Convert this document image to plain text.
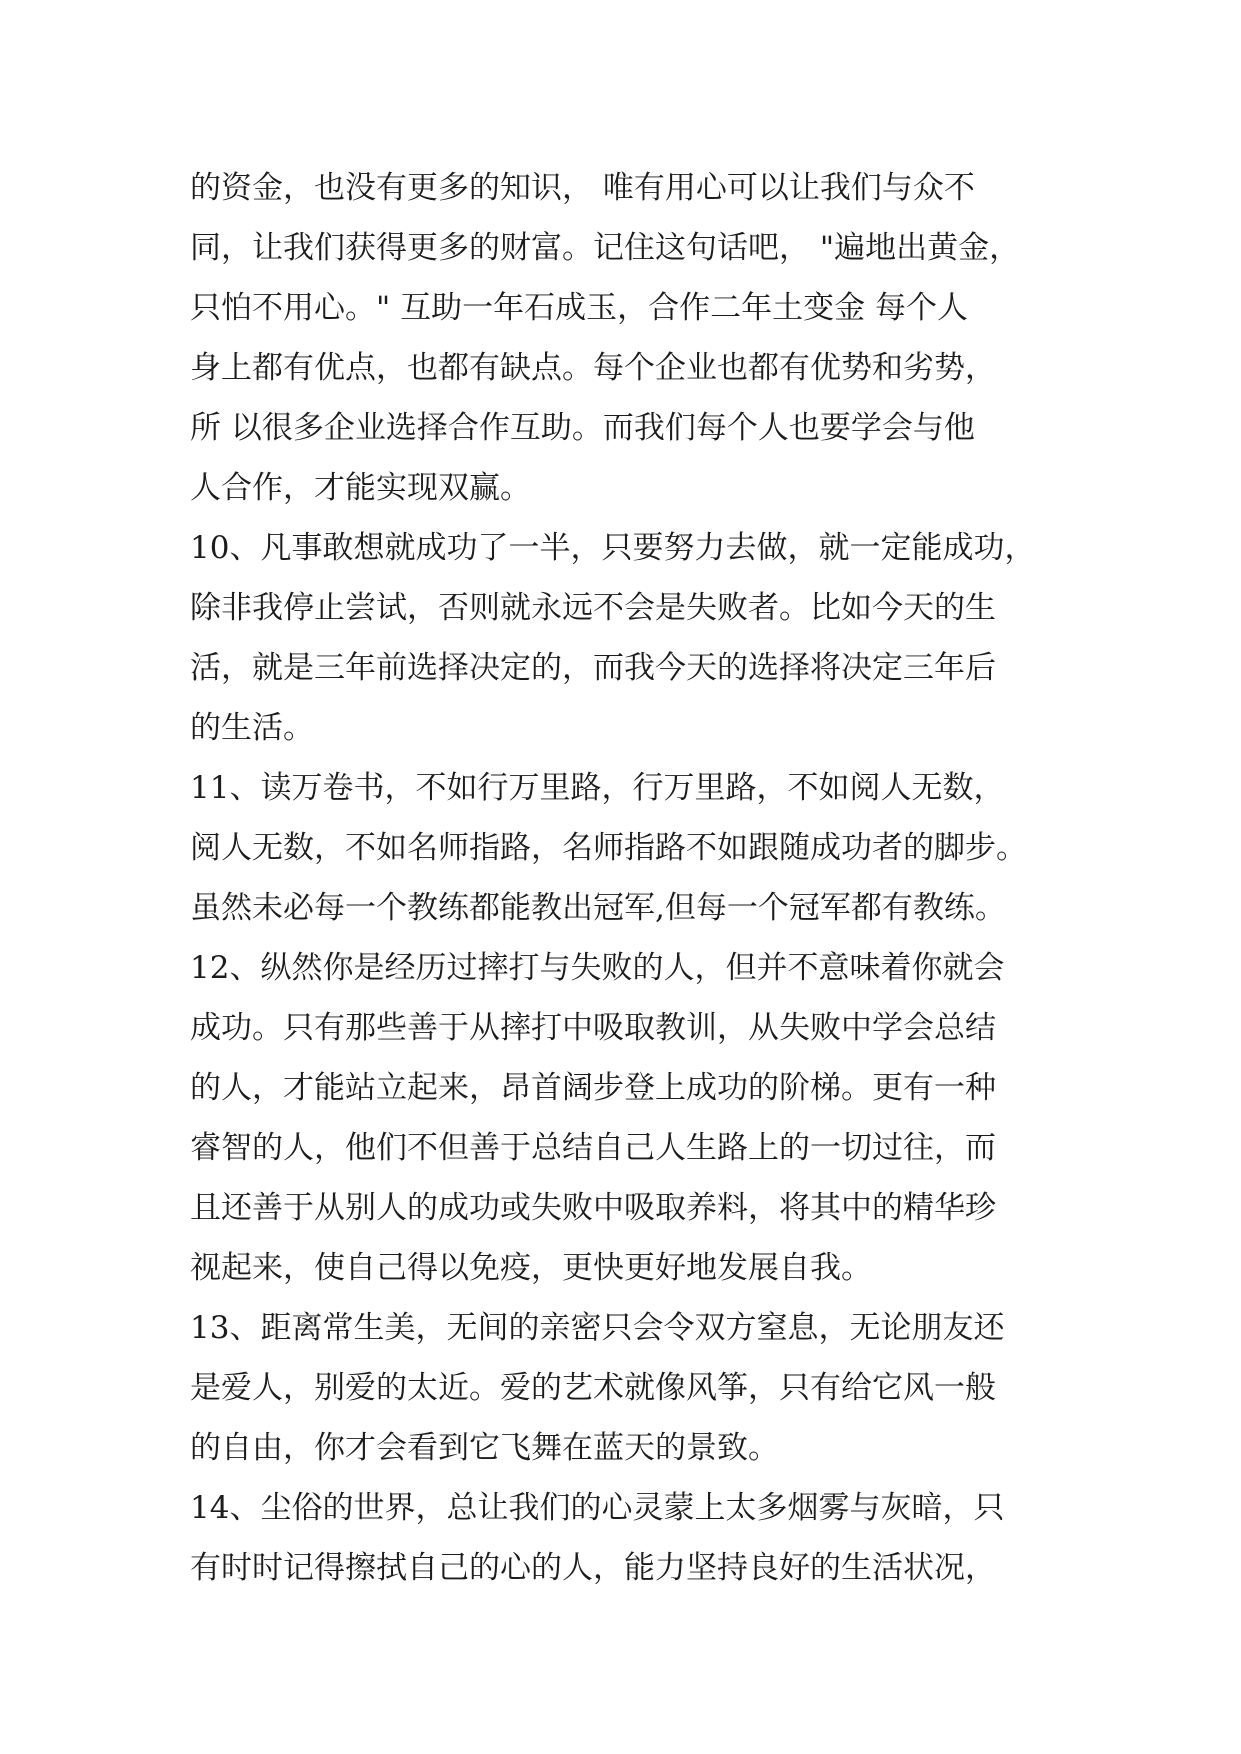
的资金，也没有更多的知识， 唯有用心可以让我们与众不
同，让我们获得更多的财富。记住这句话吧， "遍地出黄金，
只怕不用心。" 互助一年石成玉，合作二年土变金 每个人
身上都有优点，也都有缺点。每个企业也都有优势和劣势，
所 以很多企业选择合作互助。而我们每个人也要学会与他
人合作，才能实现双赢。
10、凡事敢想就成功了一半，只要努力去做，就一定能成功，
除非我停止尝试，否则就永远不会是失败者。比如今天的生
活，就是三年前选择决定的，而我今天的选择将决定三年后
的生活。
11、读万卷书，不如行万里路，行万里路，不如阅人无数，
阅人无数，不如名师指路，名师指路不如跟随成功者的脚步。
虽然未必每一个教练都能教出冠军,但每一个冠军都有教练。
12、纵然你是经历过摔打与失败的人，但并不意味着你就会
成功。只有那些善于从摔打中吸取教训，从失败中学会总结
的人，才能站立起来，昂首阔步登上成功的阶梯。更有一种
睿智的人，他们不但善于总结自己人生路上的一切过往，而
且还善于从别人的成功或失败中吸取养料，将其中的精华珍
视起来，使自己得以免疫，更快更好地发展自我。
13、距离常生美，无间的亲密只会令双方窒息，无论朋友还
是爱人，别爱的太近。爱的艺术就像风筝，只有给它风一般
的自由，你才会看到它飞舞在蓝天的景致。
14、尘俗的世界，总让我们的心灵蒙上太多烟雾与灰暗，只
有时时记得擦拭自己的心的人，能力坚持良好的生活状况，
